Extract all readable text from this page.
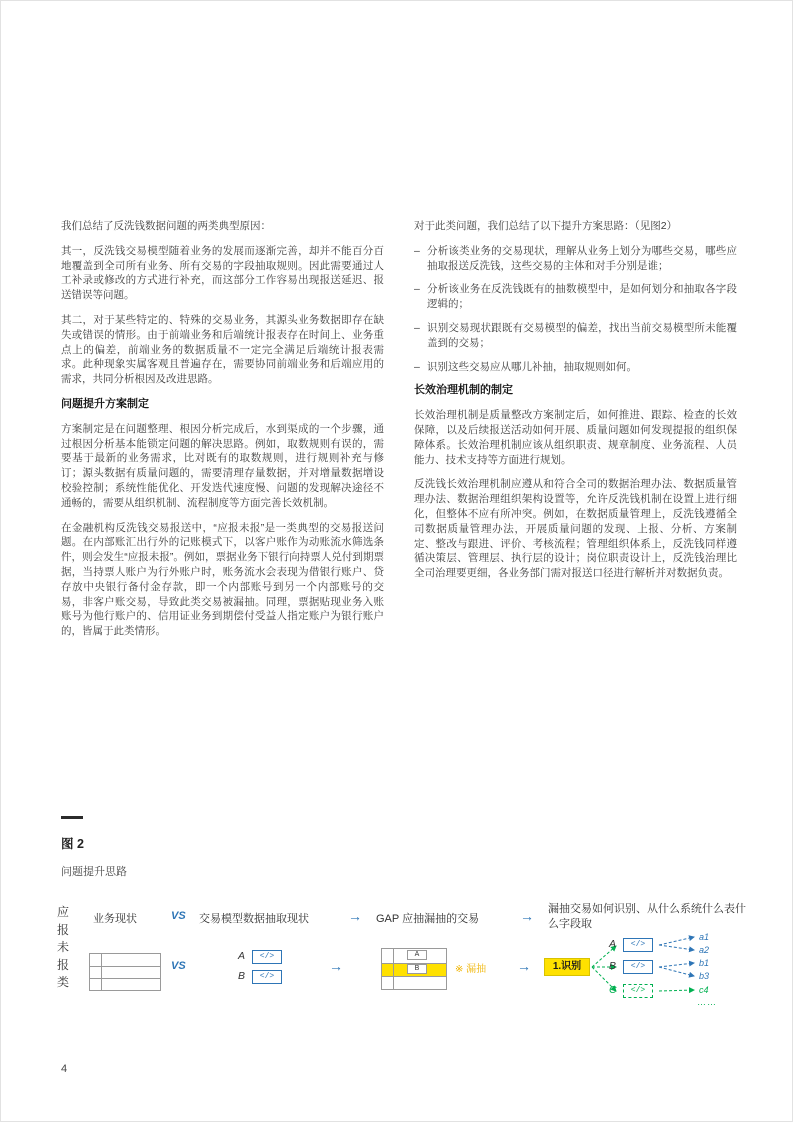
我们总结了反洗钱数据问题的两类典型原因：

其一，反洗钱交易模型随着业务的发展而逐渐完善，却并不能百分百地覆盖到全司所有业务、所有交易的字段抽取规则。因此需要通过人工补录或修改的方式进行补充，而这部分工作容易出现报送延迟、报送错误等问题。

其二，对于某些特定的、特殊的交易业务，其源头业务数据即存在缺失或错误的情形。由于前端业务和后端统计报表存在时间上、业务重点上的偏差，前端业务的数据质量不一定完全满足后端统计报表需求。此种现象实属客观且普遍存在，需要协同前端业务和后端应用的需求，共同分析根因及改进思路。

问题提升方案制定

方案制定是在问题整理、根因分析完成后，水到渠成的一个步骤，通过根因分析基本能锁定问题的解决思路。例如，取数规则有误的，需要基于最新的业务需求，比对既有的取数规则，进行规则补充与修订；源头数据有质量问题的，需要清理存量数据，并对增量数据增设校验控制；系统性能优化、开发迭代速度慢、问题的发现解决途径不通畅的，需要从组织机制、流程制度等方面完善长效机制。

在金融机构反洗钱交易报送中，“应报未报”是一类典型的交易报送问题。在内部账汇出行外的记账模式下，以客户账作为动账流水筛选条件，则会发生“应报未报”。例如，票据业务下银行向持票人兑付到期票据，当持票人账户为行外账户时，账务流水会表现为借银行账户、贷存放中央银行备付金存款，即一个内部账号到另一个内部账号的交易，非客户账交易，导致此类交易被漏抽。同理，票据贴现业务入账账号为他行账户的、信用证业务到期偿付受益人指定账户为银行账户的，皆属于此类情形。

对于此类问题，我们总结了以下提升方案思路：（见图2）

– 分析该类业务的交易现状，理解从业务上划分为哪些交易，哪些应抽取报送反洗钱，这些交易的主体和对手分别是谁；
– 分析该业务在反洗钱既有的抽数模型中，是如何划分和抽取各字段逻辑的；
– 识别交易现状跟既有交易模型的偏差，找出当前交易模型所未能覆盖到的交易；
– 识别这些交易应从哪儿补抽，抽取规则如何。
长效治理机制的制定

长效治理机制是质量整改方案制定后，如何推进、跟踪、检查的长效保障，以及后续报送活动如何开展、质量问题如何发现提报的组织保障体系。长效治理机制应该从组织职责、规章制度、业务流程、人员能力、技术支持等方面进行规划。

反洗钱长效治理机制应遵从和符合全司的数据治理办法、数据质量管理办法、数据治理组织架构设置等，允许反洗钱机制在设置上进行细化，但整体不应有所冲突。例如，在数据质量管理上，反洗钱遵循全司数据质量管理办法，开展质量问题的发现、上报、分析、方案制定、整改与跟进、评价、考核流程；管理组织体系上，反洗钱同样遵循决策层、管理层、执行层的设计；岗位职责设计上，反洗钱治理比全司治理要更细，各业务部门需对报送口径进行解析并对数据负责。

图 2
问题提升思路
应报未报类
业务现状	VS 交易模型数据抽取现状	→ GAP 应抽漏抽的交易	→ 漏抽交易如何识别、从什么系统什么表什么字段取
VS
A	</>
B	</>
→
A
B	※ 漏抽 →	1.识别
A	</>
B	</>
C	</>
a1
a2
b1
b3
c4
……
4
